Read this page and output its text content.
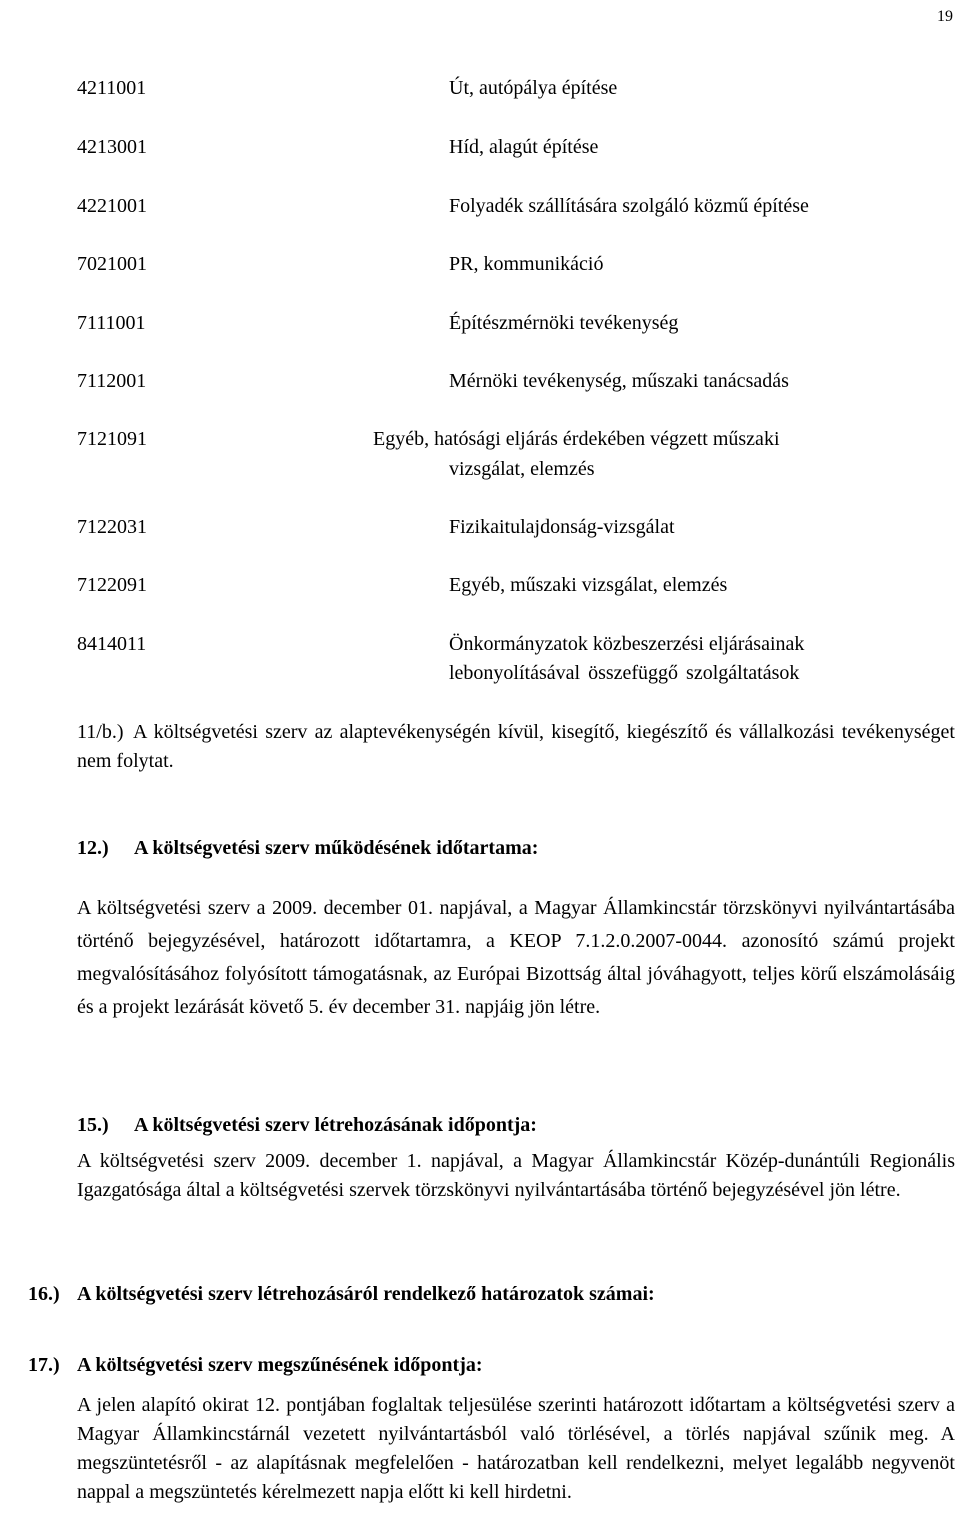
19
4211001	Út, autópálya építése
4213001	Híd, alagút építése
4221001	Folyadék szállítására szolgáló közmű építése
7021001	PR, kommunikáció
7111001	Építészmérnöki tevékenység
7112001	Mérnöki tevékenység, műszaki tanácsadás
7121091	Egyéb, hatósági eljárás érdekében végzett műszaki
vizsgálat, elemzés
7122031	Fizikaitulajdonság-vizsgálat
7122091	Egyéb, műszaki vizsgálat, elemzés
8414011	Önkormányzatok közbeszerzési eljárásainak
lebonyolításával összefüggő szolgáltatások
11/b.) A költségvetési szerv az alaptevékenységén kívül, kisegítő, kiegészítő és vállalkozási tevékenységet nem folytat.
12.) A költségvetési szerv működésének időtartama:
A költségvetési szerv a 2009. december 01. napjával, a Magyar Államkincstár törzskönyvi nyilvántartásába történő bejegyzésével, határozott időtartamra, a KEOP 7.1.2.0.2007-0044. azonosító számú projekt megvalósításához folyósított támogatásnak, az Európai Bizottság által jóváhagyott, teljes körű elszámolásáig és a projekt lezárását követő 5. év december 31. napjáig jön létre.
15.) A költségvetési szerv létrehozásának időpontja:
A költségvetési szerv 2009. december 1. napjával, a Magyar Államkincstár Közép-dunántúli Regionális Igazgatósága által a költségvetési szervek törzskönyvi nyilvántartásába történő bejegyzésével jön létre.
16.) A költségvetési szerv létrehozásáról rendelkező határozatok számai:
17.) A költségvetési szerv megszűnésének időpontja:
A jelen alapító okirat 12. pontjában foglaltak teljesülése szerinti határozott időtartam a költségvetési szerv a Magyar Államkincstárnál vezetett nyilvántartásból való törlésével, a törlés napjával szűnik meg. A megszüntetésről - az alapításnak megfelelően - határozatban kell rendelkezni, melyet legalább negyvenöt nappal a megszüntetés kérelmezett napja előtt ki kell hirdetni.
